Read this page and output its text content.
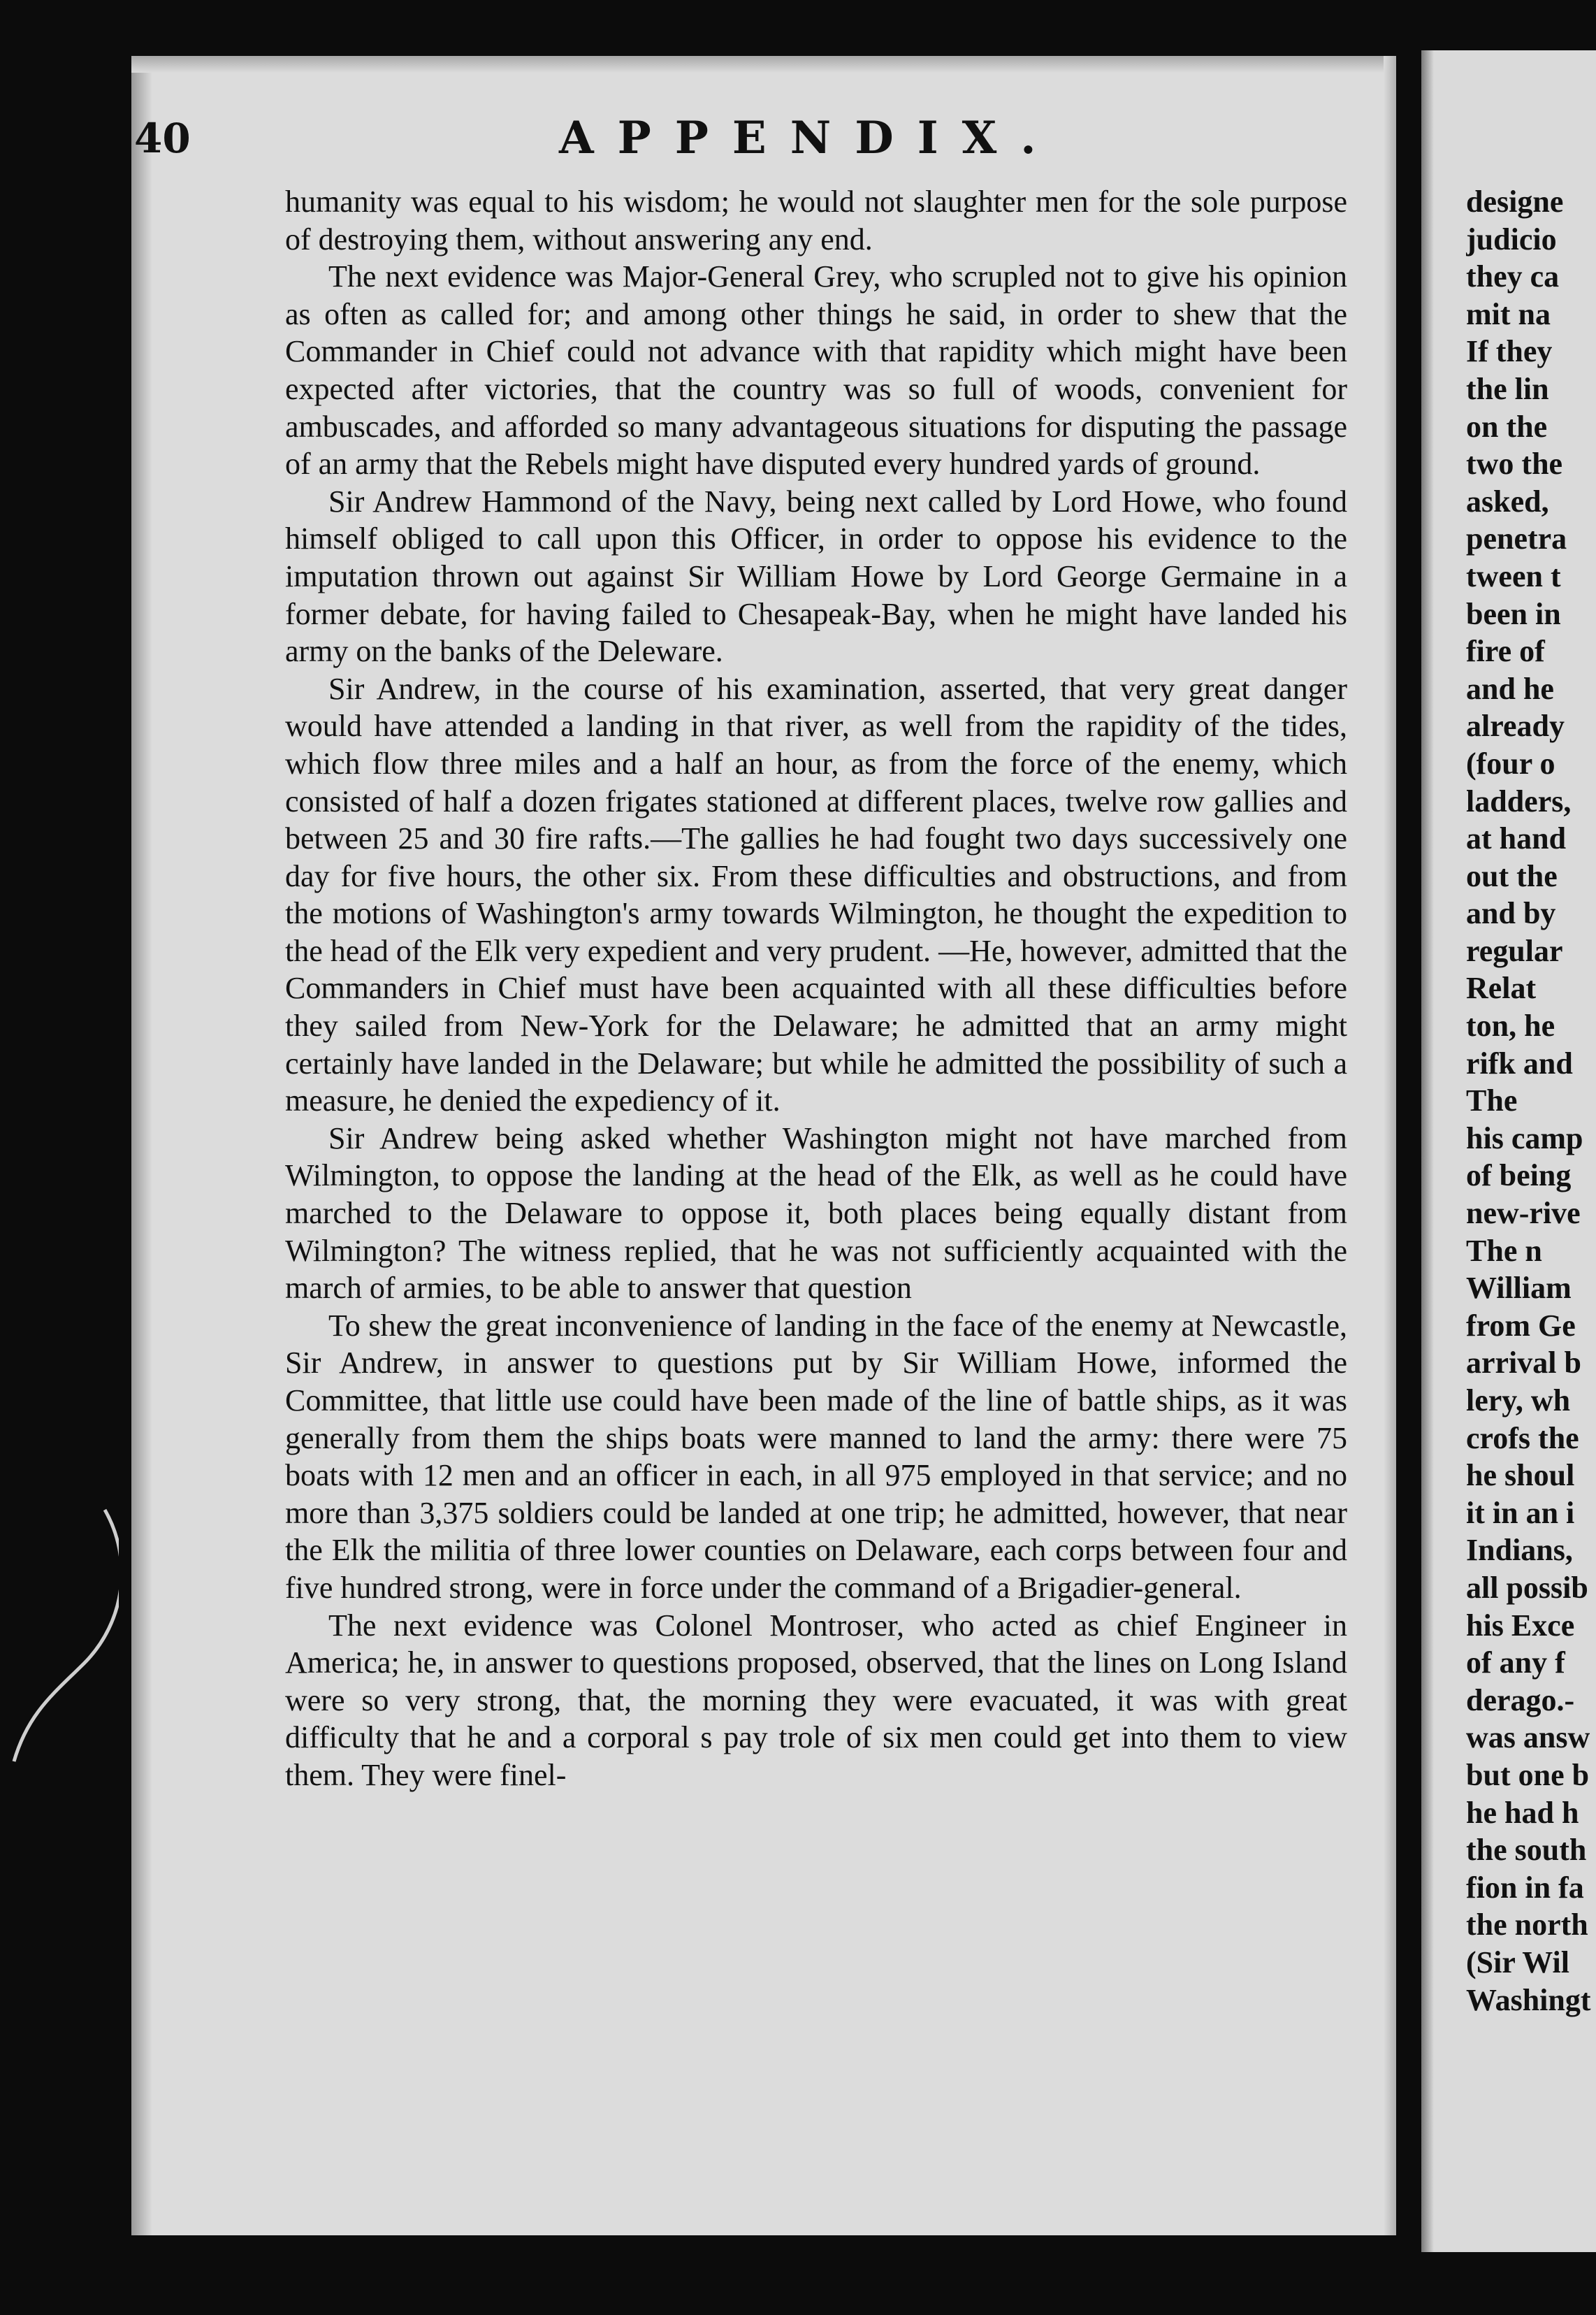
40	APPENDIX.

humanity was equal to his wisdom; he would not slaughter men for the sole purpose of destroying them, without answering any end.

The next evidence was Major-General Grey, who scrupled not to give his opinion as often as called for; and among other things he said, in order to shew that the Commander in Chief could not advance with that rapidity which might have been expected after victories, that the country was so full of woods, convenient for ambuscades, and afforded so many advantageous situations for disputing the passage of an army that the Rebels might have disputed every hundred yards of ground.

Sir Andrew Hammond of the Navy, being next called by Lord Howe, who found himself obliged to call upon this Officer, in order to oppose his evidence to the imputation thrown out against Sir William Howe by Lord George Germaine in a former debate, for having failed to Chesapeak-Bay, when he might have landed his army on the banks of the Deleware.

Sir Andrew, in the course of his examination, asserted, that very great danger would have attended a landing in that river, as well from the rapidity of the tides, which flow three miles and a half an hour, as from the force of the enemy, which consisted of half a dozen frigates stationed at different places, twelve row gallies and between 25 and 30 fire rafts.—The gallies he had fought two days successively one day for five hours, the other six. From these difficulties and obstructions, and from the motions of Washington's army towards Wilmington, he thought the expedition to the head of the Elk very expedient and very prudent. —He, however, admitted that the Commanders in Chief must have been acquainted with all these difficulties before they sailed from New-York for the Delaware; he admitted that an army might certainly have landed in the Delaware; but while he admitted the possibility of such a measure, he denied the expediency of it.

Sir Andrew being asked whether Washington might not have marched from Wilmington, to oppose the landing at the head of the Elk, as well as he could have marched to the Delaware to oppose it, both places being equally distant from Wilmington? The witness replied, that he was not sufficiently acquainted with the march of armies, to be able to answer that question

To shew the great inconvenience of landing in the face of the enemy at Newcastle, Sir Andrew, in answer to questions put by Sir William Howe, informed the Committee, that little use could have been made of the line of battle ships, as it was generally from them the ships boats were manned to land the army: there were 75 boats with 12 men and an officer in each, in all 975 employed in that service; and no more than 3,375 soldiers could be landed at one trip; he admitted, however, that near the Elk the militia of three lower counties on Delaware, each corps between four and five hundred strong, were in force under the command of a Brigadier-general.

The next evidence was Colonel Montroser, who acted as chief Engineer in America; he, in answer to questions proposed, observed, that the lines on Long Island were so very strong, that, the morning they were evacuated, it was with great difficulty that he and a corporal s pay trole of six men could get into them to view them. They were finel-

designe
judicio
they ca
mit na
If they
the lin
on the
two the
asked,
penetra
tween t
been in
fire of
and he
already
(four o
ladders,
at hand
out the
and by
regular
Relat
ton, he
rifk and
The
his camp
of being
new-rive
The n
William
from Ge
arrival b
lery, wh
crofs the
he shoul
it in an i
Indians,
all possib
his Exce
of any f
derago.-
was answ
but one b
he had h
the south
fion in fa
the north
(Sir Wil
Washingt
